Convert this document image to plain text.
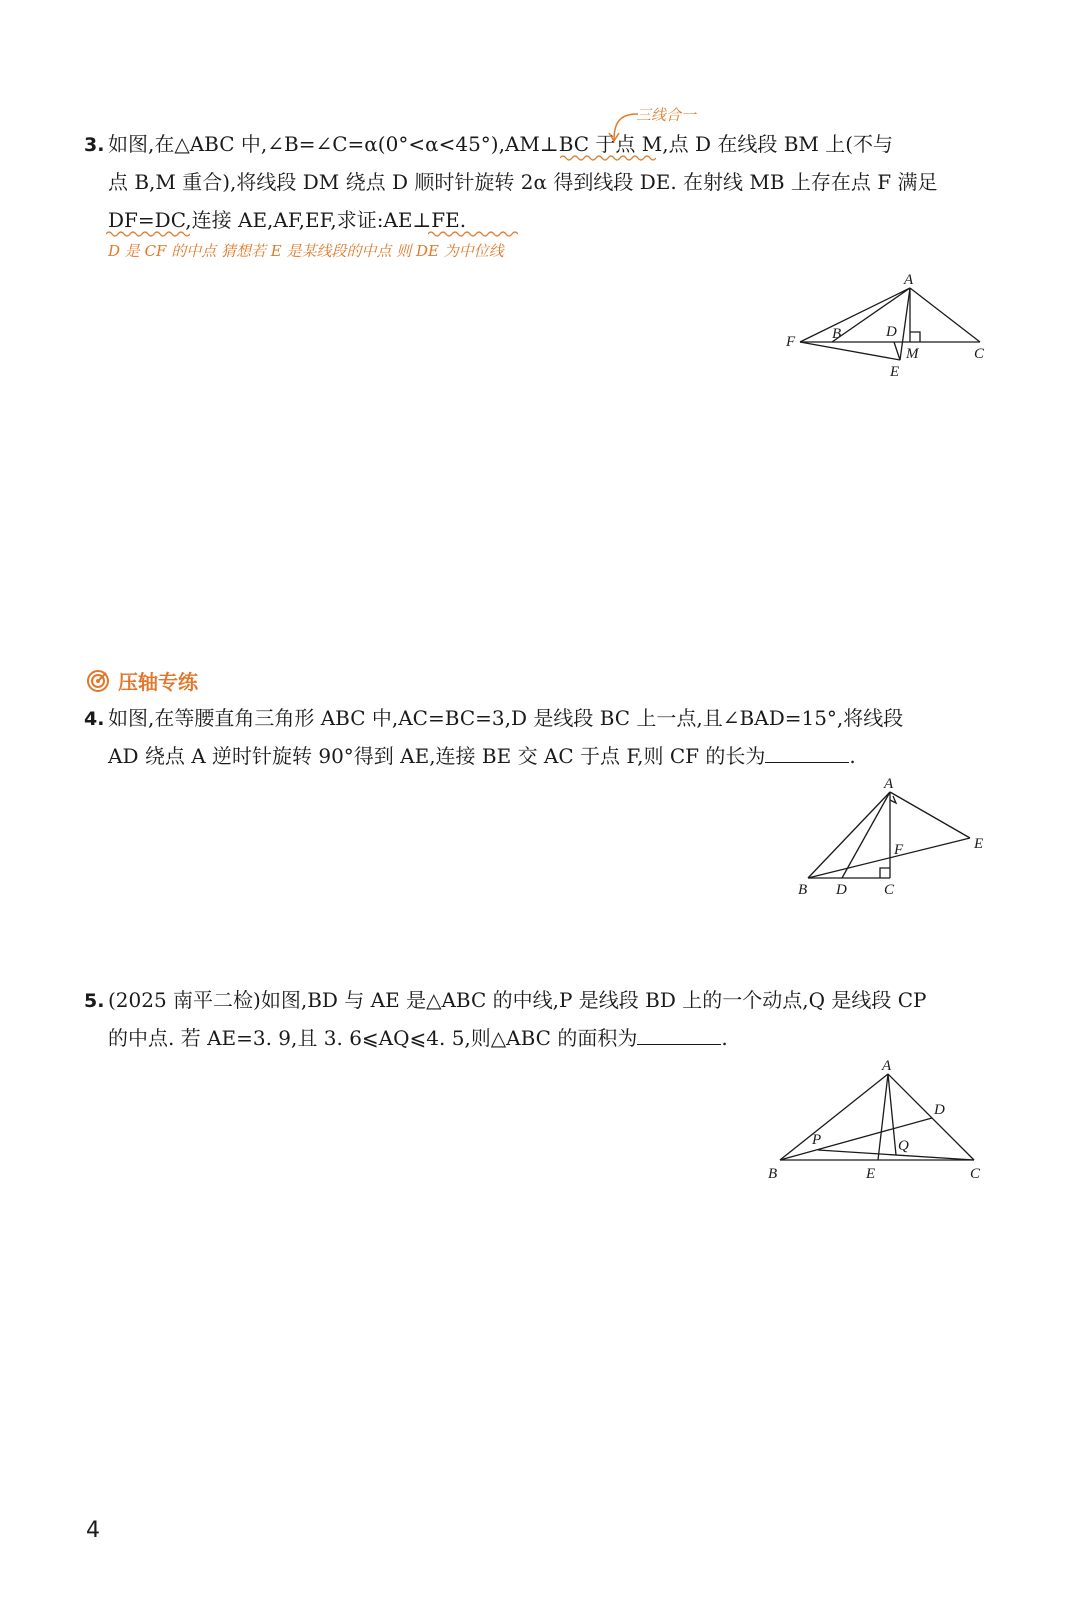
3. 如图,在△ABC 中,∠B=∠C=α(0°<α<45°),AM⊥BC 于点 M,点 D 在线段 BM 上(不与
点 B,M 重合),将线段 DM 绕点 D 顺时针旋转 2α 得到线段 DE. 在射线 MB 上存在点 F 满足
DF=DC,连接 AE,AF,EF,求证:AE⊥FE.
三线合一
D 是 CF 的中点 猜想若 E 是某线段的中点 则 DE 为中位线
A
F B	D
M	C
E
压轴专练
4. 如图,在等腰直角三角形 ABC 中,AC=BC=3,D 是线段 BC 上一点,且∠BAD=15°,将线段
AD 绕点 A 逆时针旋转 90°得到 AE,连接 BE 交 AC 于点 F,则 CF 的长为	.
A
E
F
B D C
5. (2025 南平二检)如图,BD 与 AE 是△ABC 的中线,P 是线段 BD 上的一个动点,Q 是线段 CP
的中点. 若 AE=3. 9,且 3. 6⩽AQ⩽4. 5,则△ABC 的面积为	.
A
D
P	Q
B	E	C
4
